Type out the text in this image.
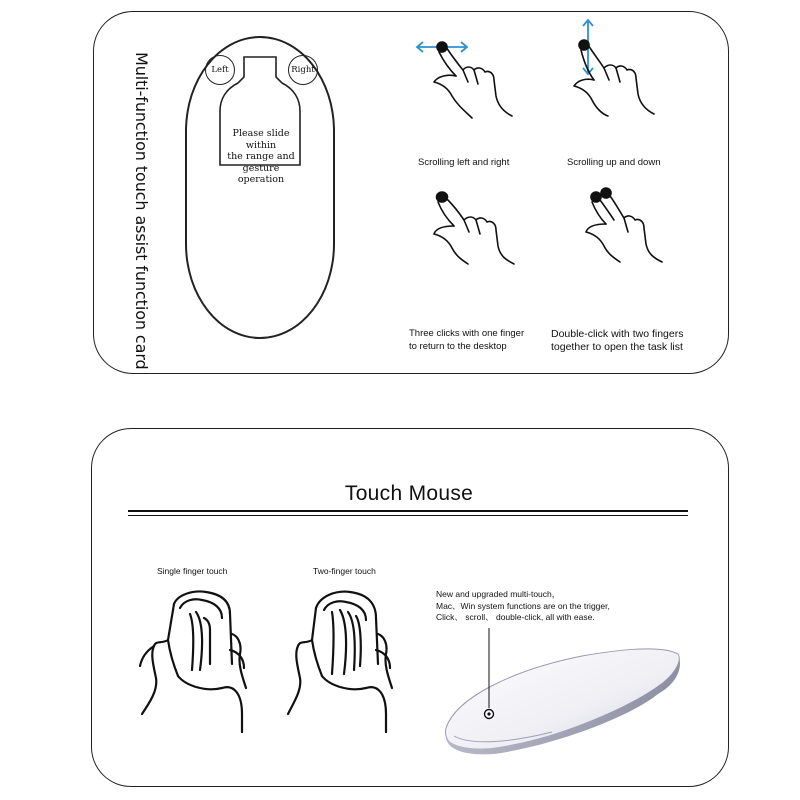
Multi-function touch assist function card	Left	Right
Please slide within
the range and
gesture operation
Scrolling left and right	Scrolling up and down
Three clicks with one finger
to return to the desktop
Double-click with two fingers
together to open the task list
Touch Mouse
Single finger touch	Two-finger touch
New and upgraded multi-touch，
Mac、Win system functions are on the trigger,
Click、 scroll、 double-click, all with ease.
